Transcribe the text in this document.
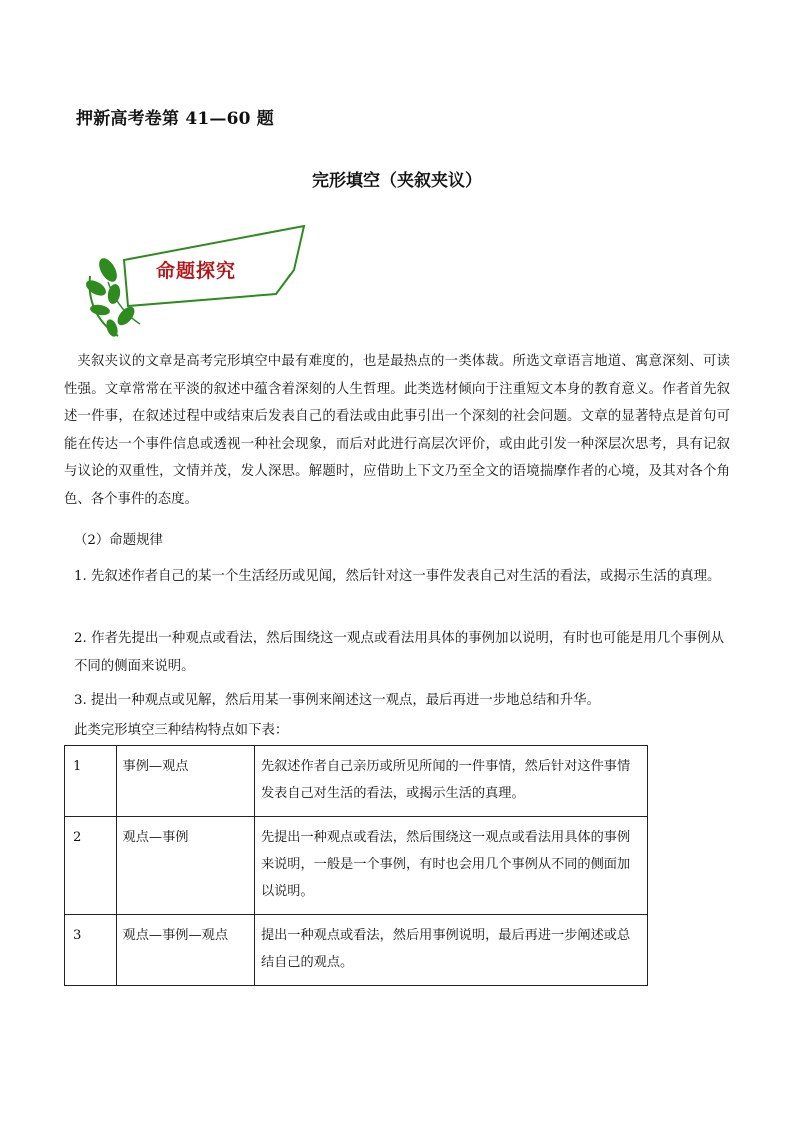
押新高考卷第 41—60 题
完形填空（夹叙夹议）
命题探究

夹叙夹议的文章是高考完形填空中最有难度的，也是最热点的一类体裁。所选文章语言地道、寓意深刻、可读性强。文章常常在平淡的叙述中蕴含着深刻的人生哲理。此类选材倾向于注重短文本身的教育意义。作者首先叙述一件事，在叙述过程中或结束后发表自己的看法或由此事引出一个深刻的社会问题。文章的显著特点是首句可能在传达一个事件信息或透视一种社会现象，而后对此进行高层次评价，或由此引发一种深层次思考，具有记叙与议论的双重性，文情并茂，发人深思。解题时，应借助上下文乃至全文的语境揣摩作者的心境，及其对各个角色、各个事件的态度。

（2）命题规律

1. 先叙述作者自己的某一个生活经历或见闻，然后针对这一事件发表自己对生活的看法，或揭示生活的真理。

2. 作者先提出一种观点或看法，然后围绕这一观点或看法用具体的事例加以说明，有时也可能是用几个事例从不同的侧面来说明。

3. 提出一种观点或见解，然后用某一事例来阐述这一观点，最后再进一步地总结和升华。

此类完形填空三种结构特点如下表：

1	事例—观点	先叙述作者自己亲历或所见所闻的一件事情，然后针对这件事情发表自己对生活的看法，或揭示生活的真理。
2	观点—事例	先提出一种观点或看法，然后围绕这一观点或看法用具体的事例来说明，一般是一个事例，有时也会用几个事例从不同的侧面加以说明。
3	观点—事例—观点	提出一种观点或看法，然后用事例说明，最后再进一步阐述或总结自己的观点。
